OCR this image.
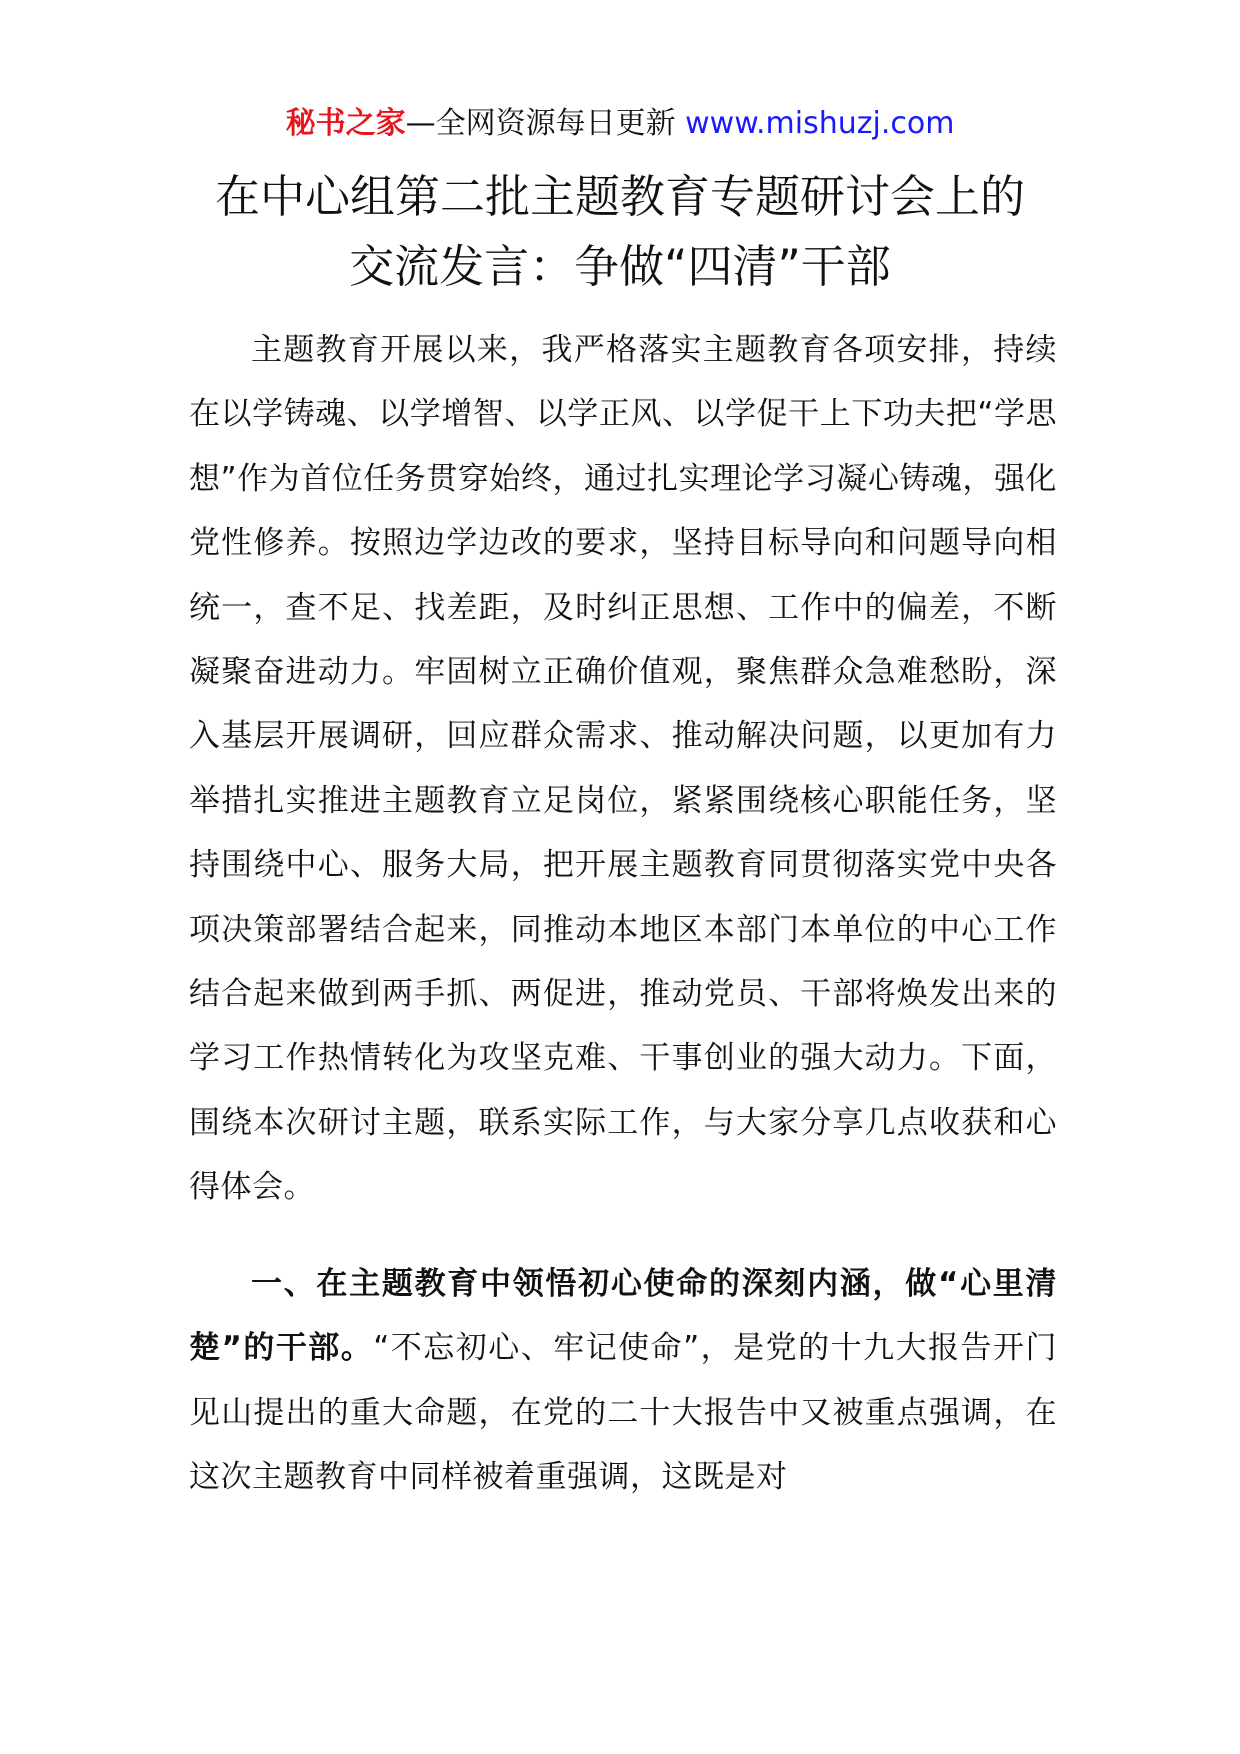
秘书之家—全网资源每日更新 www.mishuzj.com
在中心组第二批主题教育专题研讨会上的
交流发言：争做“四清”干部

主题教育开展以来，我严格落实主题教育各项安排，持续在以学铸魂、以学增智、以学正风、以学促干上下功夫把“学思想”作为首位任务贯穿始终，通过扎实理论学习凝心铸魂，强化党性修养。按照边学边改的要求，坚持目标导向和问题导向相统一，查不足、找差距，及时纠正思想、工作中的偏差，不断凝聚奋进动力。牢固树立正确价值观，聚焦群众急难愁盼，深入基层开展调研，回应群众需求、推动解决问题，以更加有力举措扎实推进主题教育立足岗位，紧紧围绕核心职能任务，坚持围绕中心、服务大局，把开展主题教育同贯彻落实党中央各项决策部署结合起来，同推动本地区本部门本单位的中心工作结合起来做到两手抓、两促进，推动党员、干部将焕发出来的学习工作热情转化为攻坚克难、干事创业的强大动力。下面，围绕本次研讨主题，联系实际工作，与大家分享几点收获和心得体会。

一、在主题教育中领悟初心使命的深刻内涵，做“心里清楚”的干部。“不忘初心、牢记使命”，是党的十九大报告开门见山提出的重大命题，在党的二十大报告中又被重点强调，在这次主题教育中同样被着重强调，这既是对
